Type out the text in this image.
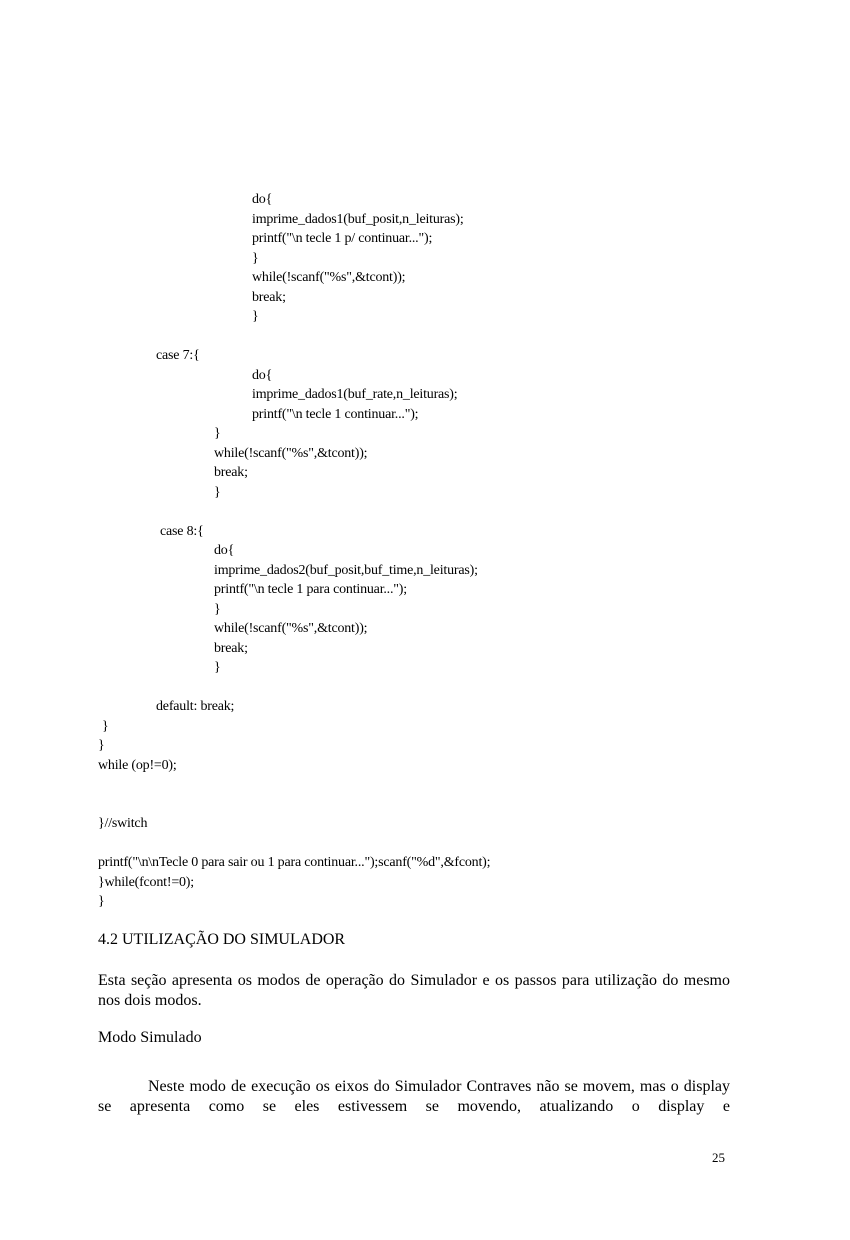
do{
imprime_dados1(buf_posit,n_leituras);
printf("\n tecle 1 p/ continuar...");
}
while(!scanf("%s",&tcont));
break;
}
case 7:{
do{
imprime_dados1(buf_rate,n_leituras);
printf("\n tecle 1 continuar...");
}
while(!scanf("%s",&tcont));
break;
}
case 8:{
do{
imprime_dados2(buf_posit,buf_time,n_leituras);
printf("\n tecle 1 para continuar...");
}
while(!scanf("%s",&tcont));
break;
}
default: break;
}
}
while (op!=0);
}//switch
printf("\n\nTecle 0 para sair ou 1 para continuar...");scanf("%d",&fcont);
}while(fcont!=0);
}
4.2 UTILIZAÇÃO DO SIMULADOR
Esta seção apresenta os modos de operação do Simulador e os passos para utilização do mesmo nos dois modos.
Modo Simulado
Neste modo de execução os eixos do Simulador Contraves não se movem, mas o display se apresenta como se eles estivessem se movendo, atualizando o display e
25
